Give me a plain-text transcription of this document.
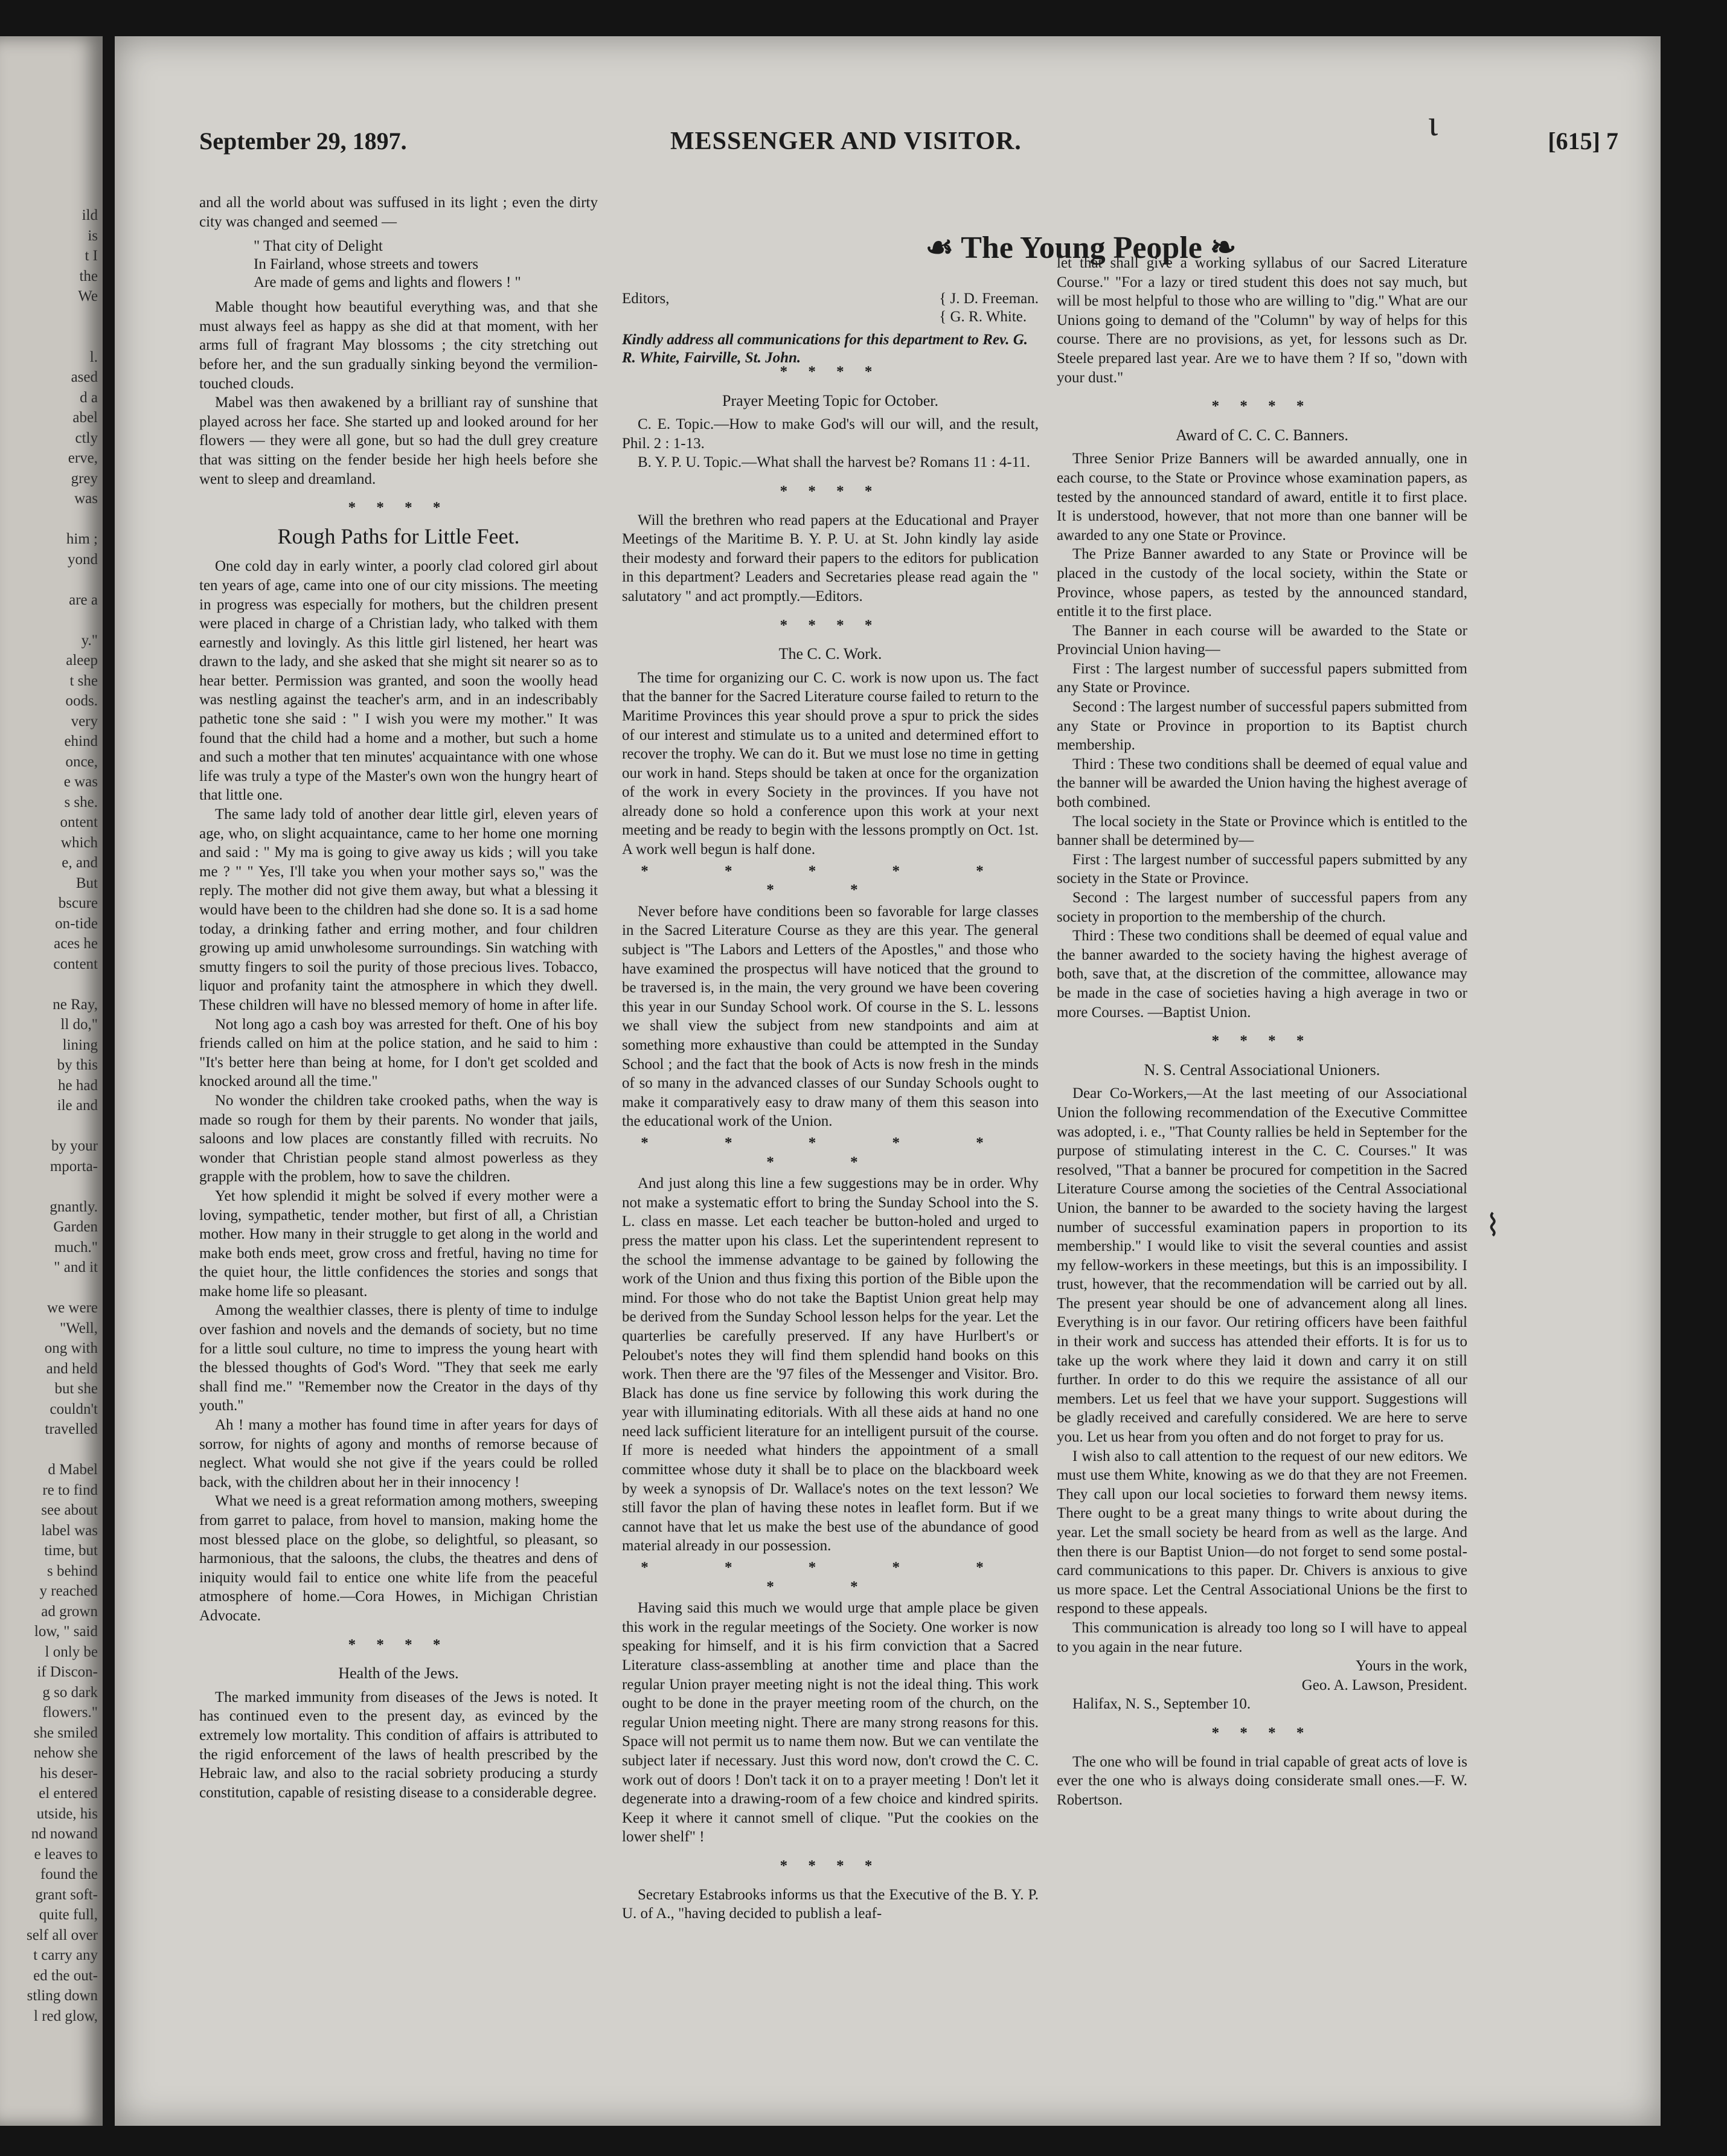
ild
is
t I
the
We

l.
ased
d a
abel
ctly
erve,
grey
was

him ;
yond

are a

y."
aleep
t she
oods.
very
ehind
once,
e was
s she.
ontent
which
e, and
But
bscure
on-tide
aces he
content

ne Ray,
ll do,"
lining
by this
he had
ile and

by your
mporta-

gnantly.
Garden
much."
" and it

we were
"Well,
ong with
and held
but she
couldn't
travelled

d Mabel
re to find
see about
label was
time, but
s behind
y reached
ad grown
low, " said
l only be
if Discon-
g so dark
flowers."
she smiled
nehow she
his deser-
el entered
utside, his
nd nowand
e leaves to
found the
grant soft-
quite full,
self all over
t carry any
ed the out-
stling down
l red glow,
September 29, 1897.	MESSENGER AND VISITOR.	[615] 7

and all the world about was suffused in its light ; even the dirty city was changed and seemed —

" That city of Delight
In Fairland, whose streets and towers
Are made of gems and lights and flowers ! "

Mable thought how beautiful everything was, and that she must always feel as happy as she did at that moment, with her arms full of fragrant May blossoms ; the city stretching out before her, and the sun gradually sinking beyond the vermilion-touched clouds.

Mabel was then awakened by a brilliant ray of sunshine that played across her face. She started up and looked around for her flowers — they were all gone, but so had the dull grey creature that was sitting on the fender beside her high heels before she went to sleep and dreamland.

* * * *
Rough Paths for Little Feet.

One cold day in early winter, a poorly clad colored girl about ten years of age, came into one of our city missions. The meeting in progress was especially for mothers, but the children present were placed in charge of a Christian lady, who talked with them earnestly and lovingly. As this little girl listened, her heart was drawn to the lady, and she asked that she might sit nearer so as to hear better. Permission was granted, and soon the woolly head was nestling against the teacher's arm, and in an indescribably pathetic tone she said : " I wish you were my mother." It was found that the child had a home and a mother, but such a home and such a mother that ten minutes' acquaintance with one whose life was truly a type of the Master's own won the hungry heart of that little one.

The same lady told of another dear little girl, eleven years of age, who, on slight acquaintance, came to her home one morning and said : " My ma is going to give away us kids ; will you take me ? " " Yes, I'll take you when your mother says so," was the reply. The mother did not give them away, but what a blessing it would have been to the children had she done so. It is a sad home today, a drinking father and erring mother, and four children growing up amid unwholesome surroundings. Sin watching with smutty fingers to soil the purity of those precious lives. Tobacco, liquor and profanity taint the atmosphere in which they dwell. These children will have no blessed memory of home in after life.

Not long ago a cash boy was arrested for theft. One of his boy friends called on him at the police station, and he said to him : "It's better here than being at home, for I don't get scolded and knocked around all the time."

No wonder the children take crooked paths, when the way is made so rough for them by their parents. No wonder that jails, saloons and low places are constantly filled with recruits. No wonder that Christian people stand almost powerless as they grapple with the problem, how to save the children.

Yet how splendid it might be solved if every mother were a loving, sympathetic, tender mother, but first of all, a Christian mother. How many in their struggle to get along in the world and make both ends meet, grow cross and fretful, having no time for the quiet hour, the little confidences the stories and songs that make home life so pleasant.

Among the wealthier classes, there is plenty of time to indulge over fashion and novels and the demands of society, but no time for a little soul culture, no time to impress the young heart with the blessed thoughts of God's Word. "They that seek me early shall find me." "Remember now the Creator in the days of thy youth."

Ah ! many a mother has found time in after years for days of sorrow, for nights of agony and months of remorse because of neglect. What would she not give if the years could be rolled back, with the children about her in their innocency !

What we need is a great reformation among mothers, sweeping from garret to palace, from hovel to mansion, making home the most blessed place on the globe, so delightful, so pleasant, so harmonious, that the saloons, the clubs, the theatres and dens of iniquity would fail to entice one white life from the peaceful atmosphere of home.—Cora Howes, in Michigan Christian Advocate.

* * * *
Health of the Jews.

The marked immunity from diseases of the Jews is noted. It has continued even to the present day, as evinced by the extremely low mortality. This condition of affairs is attributed to the rigid enforcement of the laws of health prescribed by the Hebraic law, and also to the racial sobriety producing a sturdy constitution, capable of resisting disease to a considerable degree.

☙ The Young People ❧
Editors,	{ J. D. Freeman.
{ G. R. White.
Kindly address all communications for this department to Rev. G. R. White, Fairville, St. John.
* * * *
Prayer Meeting Topic for October.

C. E. Topic.—How to make God's will our will, and the result, Phil. 2 : 1-13.

B. Y. P. U. Topic.—What shall the harvest be? Romans 11 : 4-11.

* * * *

Will the brethren who read papers at the Educational and Prayer Meetings of the Maritime B. Y. P. U. at St. John kindly lay aside their modesty and forward their papers to the editors for publication in this department? Leaders and Secretaries please read again the " salutatory " and act promptly.—Editors.

* * * *
The C. C. Work.

The time for organizing our C. C. work is now upon us. The fact that the banner for the Sacred Literature course failed to return to the Maritime Provinces this year should prove a spur to prick the sides of our interest and stimulate us to a united and determined effort to recover the trophy. We can do it. But we must lose no time in getting our work in hand. Steps should be taken at once for the organization of the work in every Society in the provinces. If you have not already done so hold a conference upon this work at your next meeting and be ready to begin with the lessons promptly on Oct. 1st. A work well begun is half done.

* * * * * * *

Never before have conditions been so favorable for large classes in the Sacred Literature Course as they are this year. The general subject is "The Labors and Letters of the Apostles," and those who have examined the prospectus will have noticed that the ground to be traversed is, in the main, the very ground we have been covering this year in our Sunday School work. Of course in the S. L. lessons we shall view the subject from new standpoints and aim at something more exhaustive than could be attempted in the Sunday School ; and the fact that the book of Acts is now fresh in the minds of so many in the advanced classes of our Sunday Schools ought to make it comparatively easy to draw many of them this season into the educational work of the Union.

* * * * * * *

And just along this line a few suggestions may be in order. Why not make a systematic effort to bring the Sunday School into the S. L. class en masse. Let each teacher be button-holed and urged to press the matter upon his class. Let the superintendent represent to the school the immense advantage to be gained by following the work of the Union and thus fixing this portion of the Bible upon the mind. For those who do not take the Baptist Union great help may be derived from the Sunday School lesson helps for the year. Let the quarterlies be carefully preserved. If any have Hurlbert's or Peloubet's notes they will find them splendid hand books on this work. Then there are the '97 files of the Messenger and Visitor. Bro. Black has done us fine service by following this work during the year with illuminating editorials. With all these aids at hand no one need lack sufficient literature for an intelligent pursuit of the course. If more is needed what hinders the appointment of a small committee whose duty it shall be to place on the blackboard week by week a synopsis of Dr. Wallace's notes on the text lesson? We still favor the plan of having these notes in leaflet form. But if we cannot have that let us make the best use of the abundance of good material already in our possession.

* * * * * * *

Having said this much we would urge that ample place be given this work in the regular meetings of the Society. One worker is now speaking for himself, and it is his firm conviction that a Sacred Literature class-assembling at another time and place than the regular Union prayer meeting night is not the ideal thing. This work ought to be done in the prayer meeting room of the church, on the regular Union meeting night. There are many strong reasons for this. Space will not permit us to name them now. But we can ventilate the subject later if necessary. Just this word now, don't crowd the C. C. work out of doors ! Don't tack it on to a prayer meeting ! Don't let it degenerate into a drawing-room of a few choice and kindred spirits. Keep it where it cannot smell of clique. "Put the cookies on the lower shelf" !

* * * *

Secretary Estabrooks informs us that the Executive of the B. Y. P. U. of A., "having decided to publish a leaf-

let that shall give a working syllabus of our Sacred Literature Course." "For a lazy or tired student this does not say much, but will be most helpful to those who are willing to "dig." What are our Unions going to demand of the "Column" by way of helps for this course. There are no provisions, as yet, for lessons such as Dr. Steele prepared last year. Are we to have them ? If so, "down with your dust."

* * * *
Award of C. C. C. Banners.

Three Senior Prize Banners will be awarded annually, one in each course, to the State or Province whose examination papers, as tested by the announced standard of award, entitle it to first place. It is understood, however, that not more than one banner will be awarded to any one State or Province.

The Prize Banner awarded to any State or Province will be placed in the custody of the local society, within the State or Province, whose papers, as tested by the announced standard, entitle it to the first place.

The Banner in each course will be awarded to the State or Provincial Union having—

First : The largest number of successful papers submitted from any State or Province.

Second : The largest number of successful papers submitted from any State or Province in proportion to its Baptist church membership.

Third : These two conditions shall be deemed of equal value and the banner will be awarded the Union having the highest average of both combined.

The local society in the State or Province which is entitled to the banner shall be determined by—

First : The largest number of successful papers submitted by any society in the State or Province.

Second : The largest number of successful papers from any society in proportion to the membership of the church.

Third : These two conditions shall be deemed of equal value and the banner awarded to the society having the highest average of both, save that, at the discretion of the committee, allowance may be made in the case of societies having a high average in two or more Courses. —Baptist Union.

* * * *
N. S. Central Associational Unioners.

Dear Co-Workers,—At the last meeting of our Associational Union the following recommendation of the Executive Committee was adopted, i. e., "That County rallies be held in September for the purpose of stimulating interest in the C. C. Courses." It was resolved, "That a banner be procured for competition in the Sacred Literature Course among the societies of the Central Associational Union, the banner to be awarded to the society having the largest number of successful examination papers in proportion to its membership." I would like to visit the several counties and assist my fellow-workers in these meetings, but this is an impossibility. I trust, however, that the recommendation will be carried out by all. The present year should be one of advancement along all lines. Everything is in our favor. Our retiring officers have been faithful in their work and success has attended their efforts. It is for us to take up the work where they laid it down and carry it on still further. In order to do this we require the assistance of all our members. Let us feel that we have your support. Suggestions will be gladly received and carefully considered. We are here to serve you. Let us hear from you often and do not forget to pray for us.

I wish also to call attention to the request of our new editors. We must use them White, knowing as we do that they are not Freemen. They call upon our local societies to forward them newsy items. There ought to be a great many things to write about during the year. Let the small society be heard from as well as the large. And then there is our Baptist Union—do not forget to send some postal-card communications to this paper. Dr. Chivers is anxious to give us more space. Let the Central Associational Unions be the first to respond to these appeals.

This communication is already too long so I will have to appeal to you again in the near future.

Yours in the work,

Geo. A. Lawson, President.

Halifax, N. S., September 10.

* * * *

The one who will be found in trial capable of great acts of love is ever the one who is always doing considerate small ones.—F. W. Robertson.

ɩ
⌇
